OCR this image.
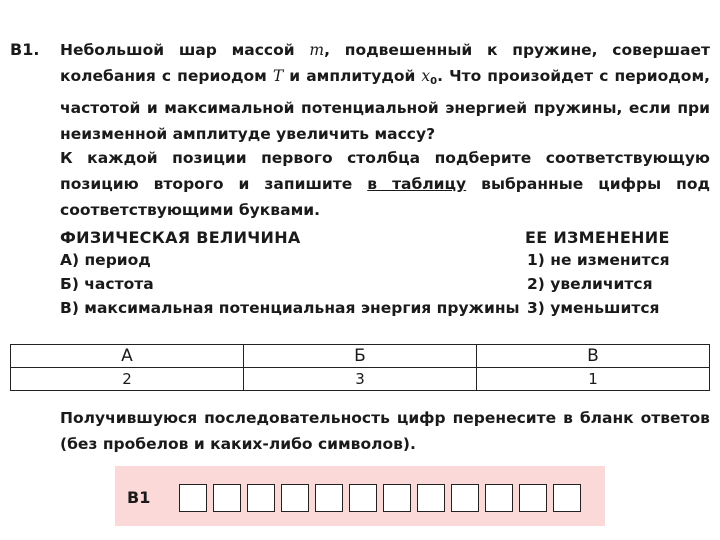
B1. Небольшой шар массой m, подвешенный к пружине, совершает колебания с периодом T и амплитудой $x_0$. Что произойдет с периодом, частотой и максимальной потенциальной энергией пружины, если при неизменной амплитуде увеличить массу?

К каждой позиции первого столбца подберите соответствующую позицию второго и запишите в таблицу выбранные цифры под соответствующими буквами.

ФИЗИЧЕСКАЯ ВЕЛИЧИНА	ЕЕ ИЗМЕНЕНИЕ
А) период
Б) частота
В) максимальная потенциальная энергия пружины
1) не изменится
2) увеличится
3) уменьшится
А	Б	В
2	3	1

Получившуюся последовательность цифр перенесите в бланк ответов (без пробелов и каких-либо символов).

В1
